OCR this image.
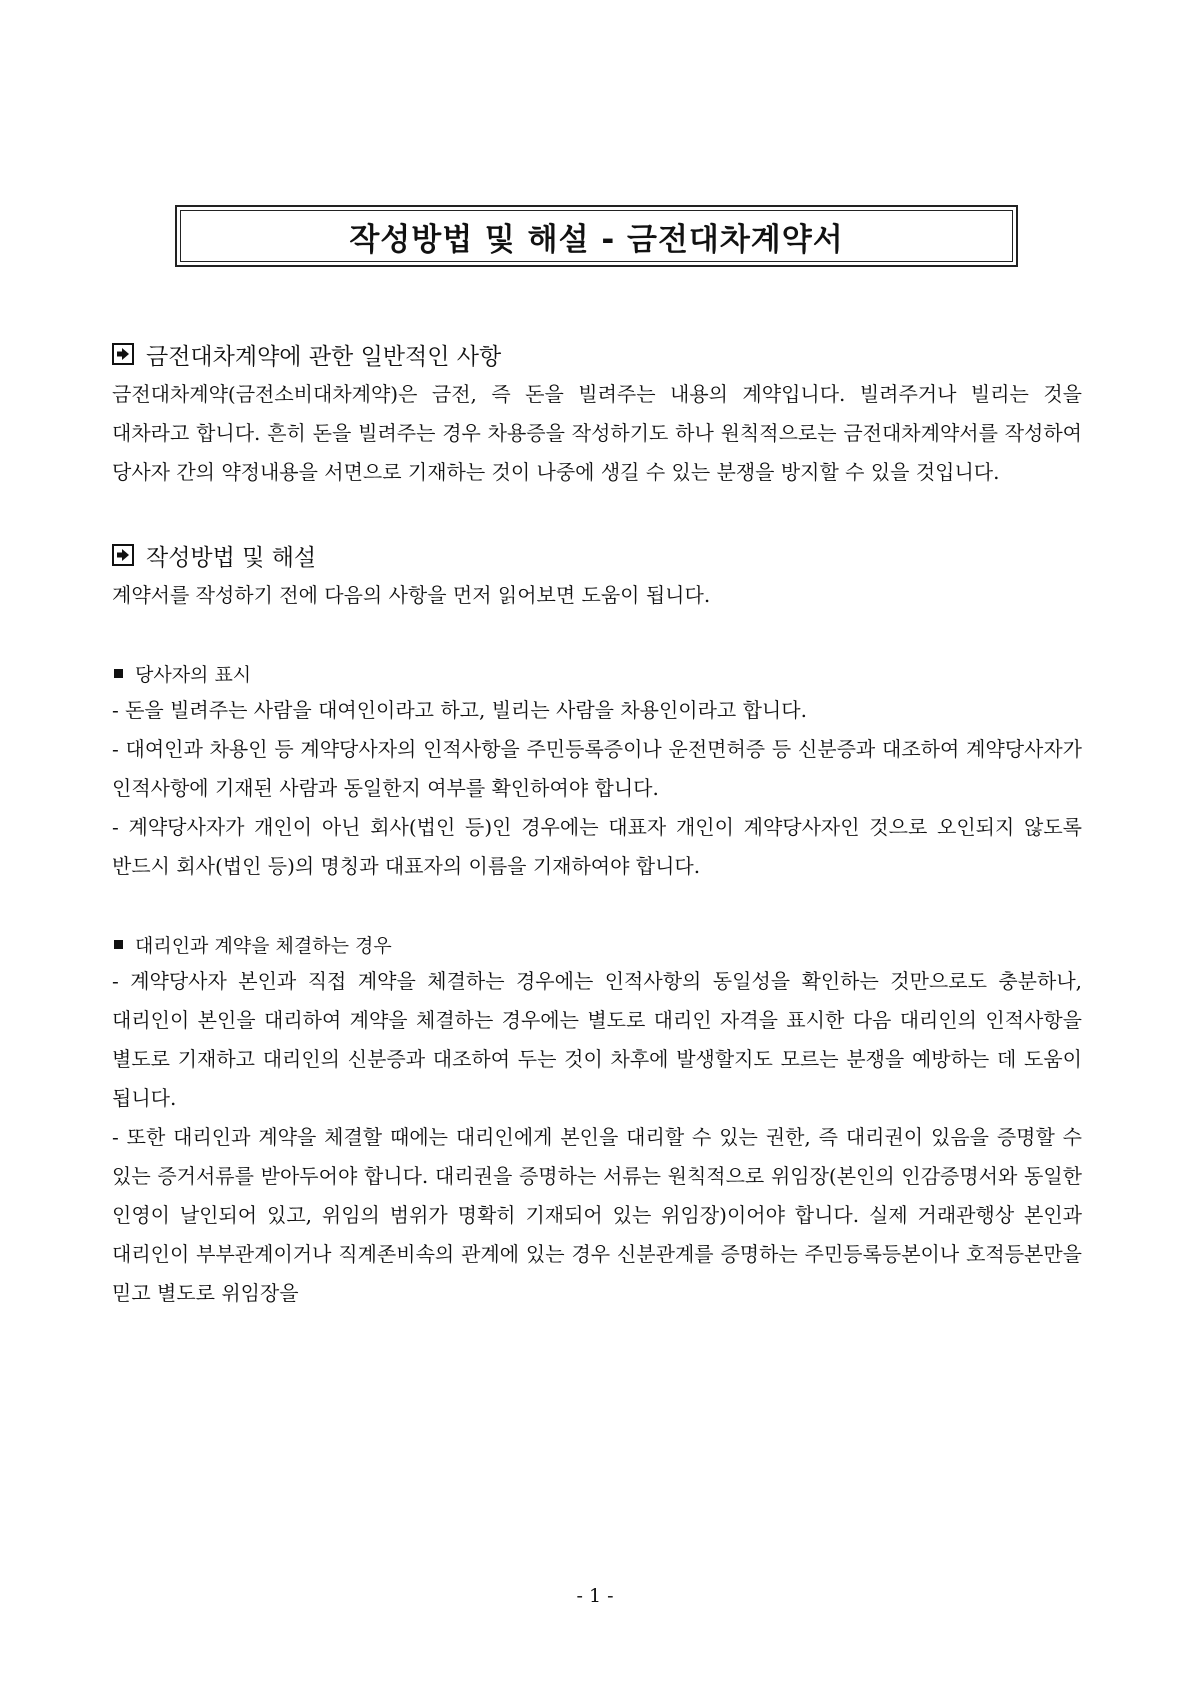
작성방법 및 해설 - 금전대차계약서
금전대차계약에 관한 일반적인 사항

금전대차계약(금전소비대차계약)은 금전, 즉 돈을 빌려주는 내용의 계약입니다. 빌려주거나 빌리는 것을 대차라고 합니다. 흔히 돈을 빌려주는 경우 차용증을 작성하기도 하나 원칙적으로는 금전대차계약서를 작성하여 당사자 간의 약정내용을 서면으로 기재하는 것이 나중에 생길 수 있는 분쟁을 방지할 수 있을 것입니다.

작성방법 및 해설

계약서를 작성하기 전에 다음의 사항을 먼저 읽어보면 도움이 됩니다.

당사자의 표시

- 돈을 빌려주는 사람을 대여인이라고 하고, 빌리는 사람을 차용인이라고 합니다.

- 대여인과 차용인 등 계약당사자의 인적사항을 주민등록증이나 운전면허증 등 신분증과 대조하여 계약당사자가 인적사항에 기재된 사람과 동일한지 여부를 확인하여야 합니다.

- 계약당사자가 개인이 아닌 회사(법인 등)인 경우에는 대표자 개인이 계약당사자인 것으로 오인되지 않도록 반드시 회사(법인 등)의 명칭과 대표자의 이름을 기재하여야 합니다.

대리인과 계약을 체결하는 경우

- 계약당사자 본인과 직접 계약을 체결하는 경우에는 인적사항의 동일성을 확인하는 것만으로도 충분하나, 대리인이 본인을 대리하여 계약을 체결하는 경우에는 별도로 대리인 자격을 표시한 다음 대리인의 인적사항을 별도로 기재하고 대리인의 신분증과 대조하여 두는 것이 차후에 발생할지도 모르는 분쟁을 예방하는 데 도움이 됩니다.

- 또한 대리인과 계약을 체결할 때에는 대리인에게 본인을 대리할 수 있는 권한, 즉 대리권이 있음을 증명할 수 있는 증거서류를 받아두어야 합니다. 대리권을 증명하는 서류는 원칙적으로 위임장(본인의 인감증명서와 동일한 인영이 날인되어 있고, 위임의 범위가 명확히 기재되어 있는 위임장)이어야 합니다. 실제 거래관행상 본인과 대리인이 부부관계이거나 직계존비속의 관계에 있는 경우 신분관계를 증명하는 주민등록등본이나 호적등본만을 믿고 별도로 위임장을

- 1 -
